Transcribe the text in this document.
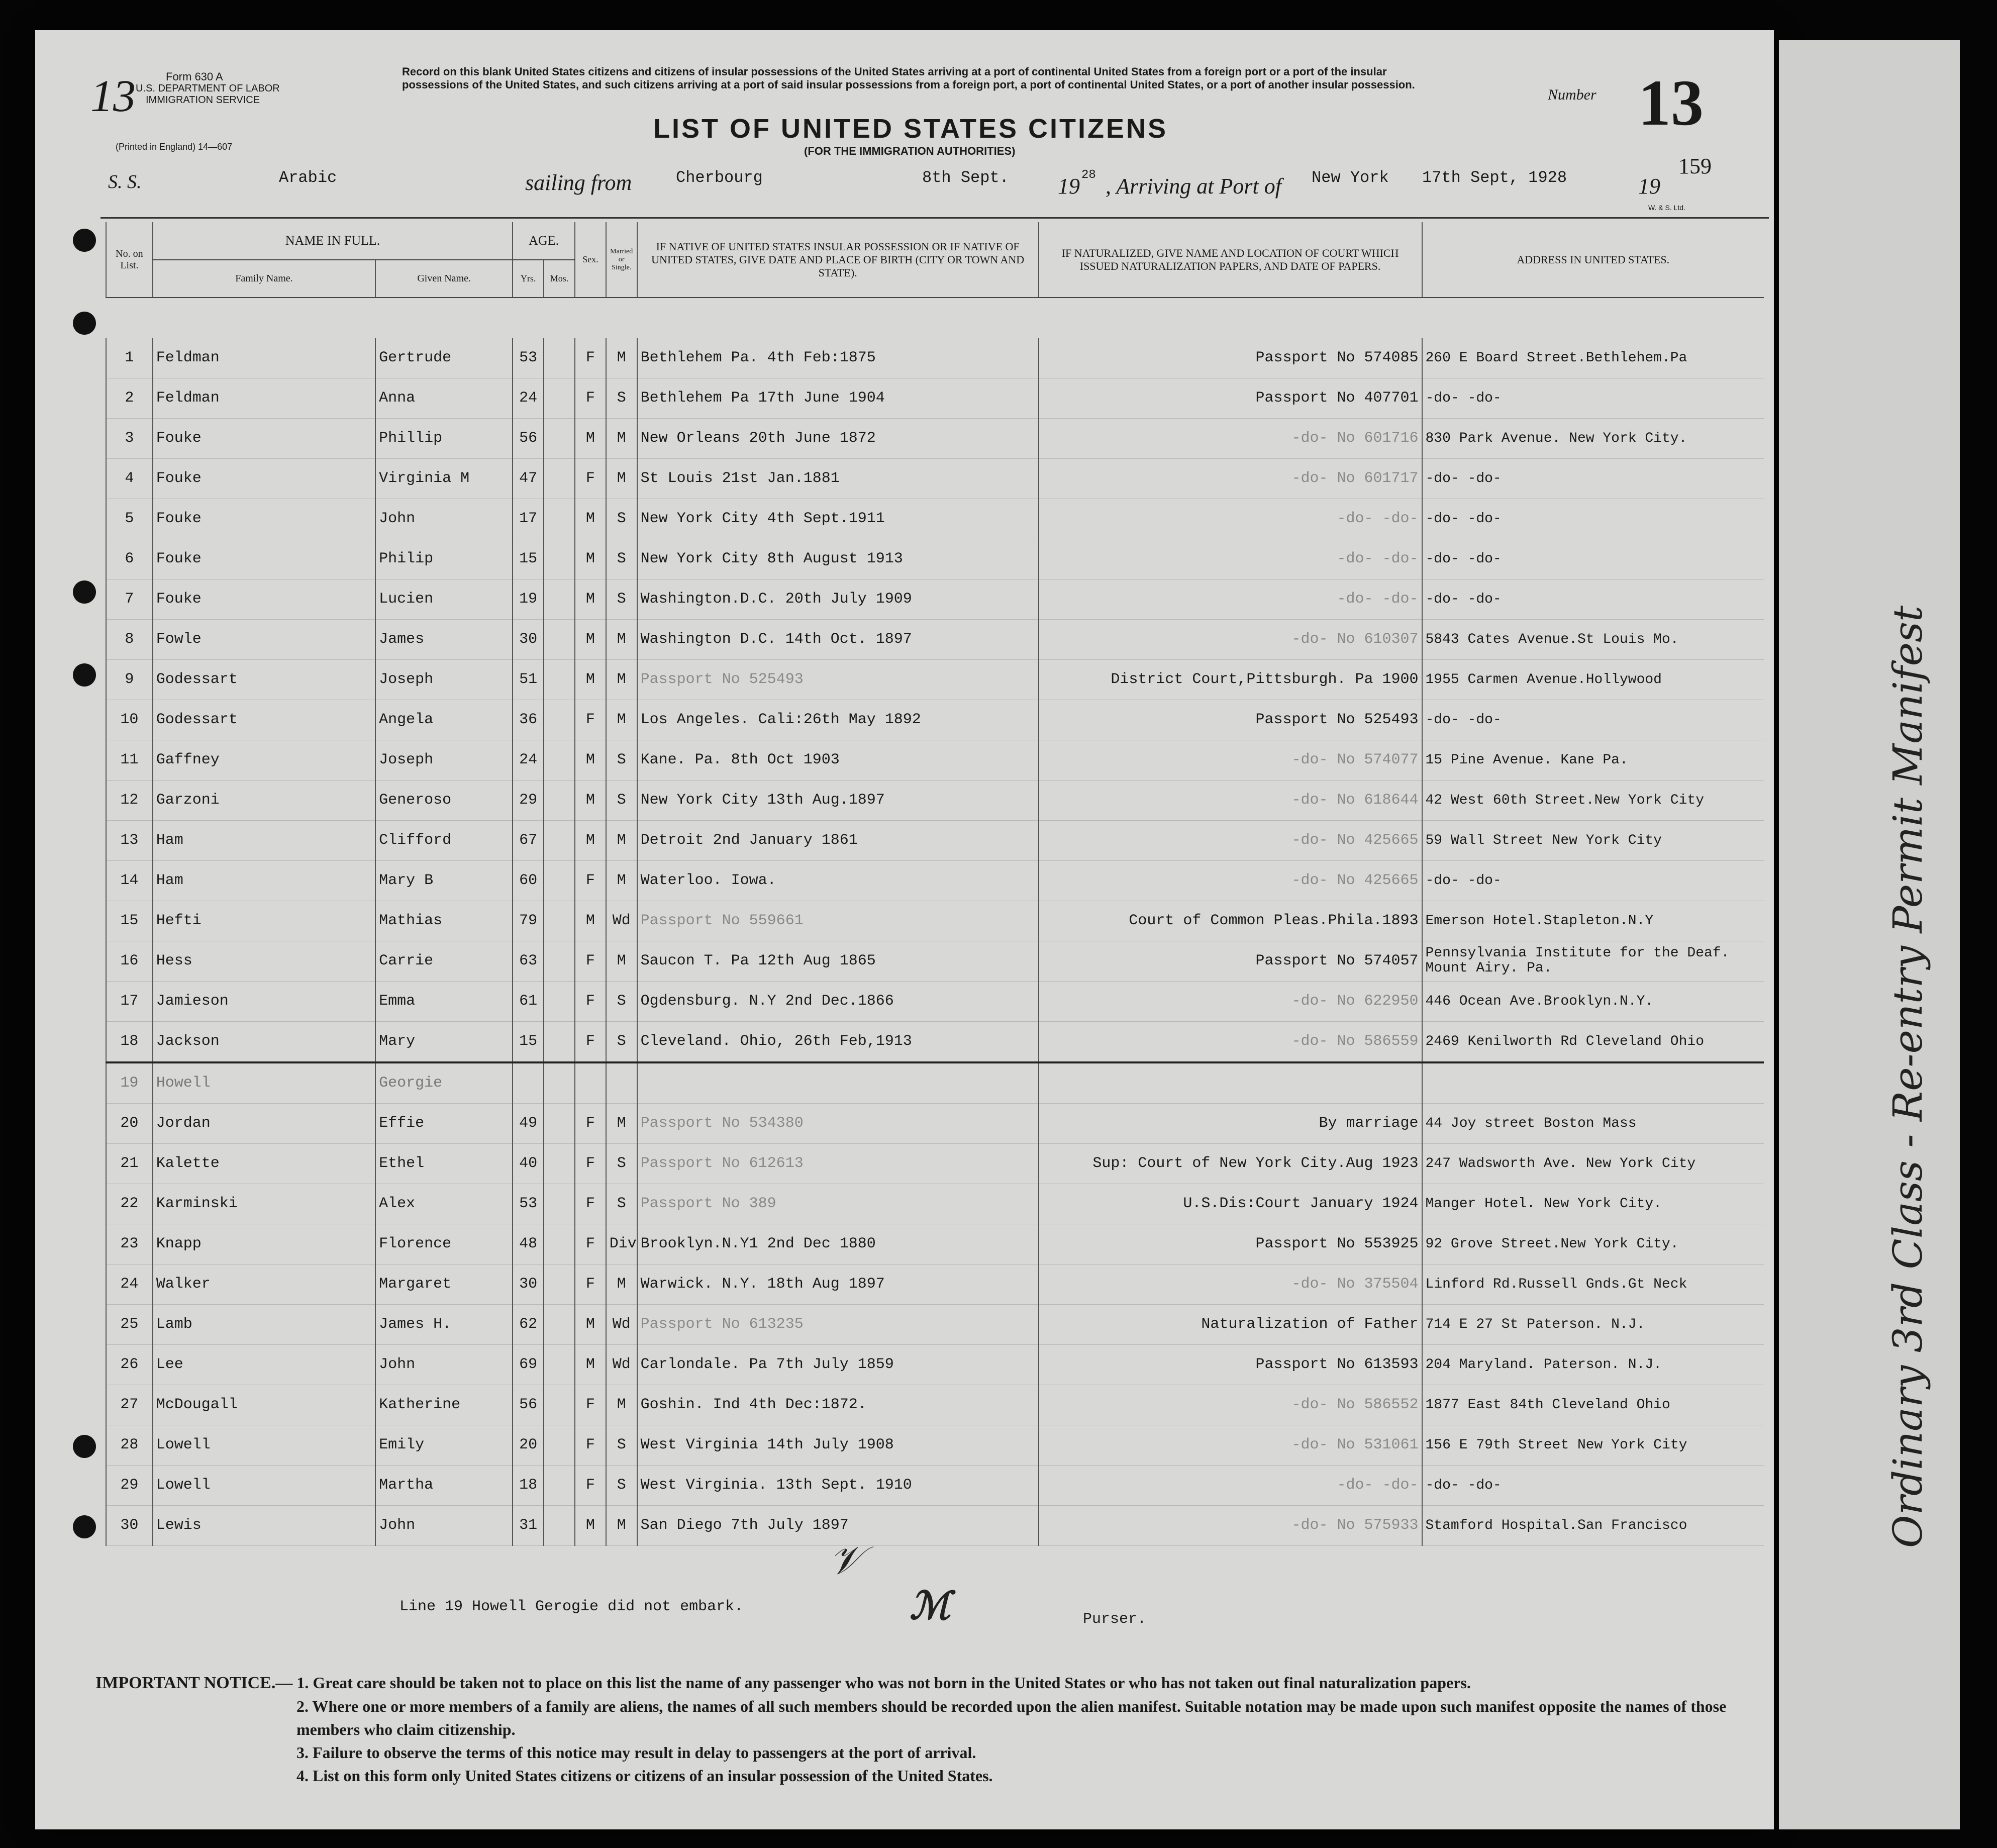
Ordinary 3rd Class - Re-entry Permit Manifest
13	Form 630 A
U.S. DEPARTMENT OF LABOR
IMMIGRATION SERVICE
(Printed in England) 14—607
Record on this blank United States citizens and citizens of insular possessions of the United States arriving at a port of continental United States from a foreign port or a port of the insular possessions of the United States, and such citizens arriving at a port of said insular possessions from a foreign port, a port of continental United States, or a port of another insular possession.
LIST OF UNITED STATES CITIZENS
(FOR THE IMMIGRATION AUTHORITIES)
Number 13
159
S. S.	Arabic	sailing from	Cherbourg	8th Sept. 19 28 , Arriving at Port of New York 17th Sept, 1928	19
W. & S. Ltd.
No. on List.	NAME IN FULL.		AGE.		Sex.	Married or Single.	IF NATIVE OF UNITED STATES INSULAR POSSESSION OR IF NATIVE OF UNITED STATES, GIVE DATE AND PLACE OF BIRTH (CITY OR TOWN AND STATE).	IF NATURALIZED, GIVE NAME AND LOCATION OF COURT WHICH ISSUED NATURALIZATION PAPERS, AND DATE OF PAPERS.	ADDRESS IN UNITED STATES.
	Family Name.	Given Name.	Yrs.	Mos.					

1	Feldman	Gertrude	53		F	M	Bethlehem Pa. 4th Feb:1875	Passport No 574085	260 E Board Street.Bethlehem.Pa
2	Feldman	Anna	24		F	S	Bethlehem Pa 17th June 1904	Passport No 407701	-do- -do-
3	Fouke	Phillip	56		M	M	New Orleans 20th June 1872	-do- No 601716	830 Park Avenue. New York City.
4	Fouke	Virginia M	47		F	M	St Louis 21st Jan.1881	-do- No 601717	-do- -do-
5	Fouke	John	17		M	S	New York City 4th Sept.1911	-do- -do-	-do- -do-
6	Fouke	Philip	15		M	S	New York City 8th August 1913	-do- -do-	-do- -do-
7	Fouke	Lucien	19		M	S	Washington.D.C. 20th July 1909	-do- -do-	-do- -do-
8	Fowle	James	30		M	M	Washington D.C. 14th Oct. 1897	-do- No 610307	5843 Cates Avenue.St Louis Mo.
9	Godessart	Joseph	51		M	M	Passport No 525493	District Court,Pittsburgh. Pa 1900	1955 Carmen Avenue.Hollywood
10	Godessart	Angela	36		F	M	Los Angeles. Cali:26th May 1892	Passport No 525493	-do- -do-
11	Gaffney	Joseph	24		M	S	Kane. Pa. 8th Oct 1903	-do- No 574077	15 Pine Avenue. Kane Pa.
12	Garzoni	Generoso	29		M	S	New York City 13th Aug.1897	-do- No 618644	42 West 60th Street.New York City
13	Ham	Clifford	67		M	M	Detroit 2nd January 1861	-do- No 425665	59 Wall Street New York City
14	Ham	Mary B	60		F	M	Waterloo. Iowa.	-do- No 425665	-do- -do-
15	Hefti	Mathias	79		M	Wd	Passport No 559661	Court of Common Pleas.Phila.1893	Emerson Hotel.Stapleton.N.Y
16	Hess	Carrie	63		F	M	Saucon T. Pa 12th Aug 1865	Passport No 574057	Pennsylvania Institute for the Deaf. Mount Airy. Pa.
17	Jamieson	Emma	61		F	S	Ogdensburg. N.Y 2nd Dec.1866	-do- No 622950	446 Ocean Ave.Brooklyn.N.Y.
18	Jackson	Mary	15		F	S	Cleveland. Ohio, 26th Feb,1913	-do- No 586559	2469 Kenilworth Rd Cleveland Ohio
19	Howell	Georgie							
20	Jordan	Effie	49		F	M	Passport No 534380	By marriage	44 Joy street Boston Mass
21	Kalette	Ethel	40		F	S	Passport No 612613	Sup: Court of New York City.Aug 1923	247 Wadsworth Ave. New York City
22	Karminski	Alex	53		F	S	Passport No 389	U.S.Dis:Court January 1924	Manger Hotel. New York City.
23	Knapp	Florence	48		F	Div	Brooklyn.N.Y1 2nd Dec 1880	Passport No 553925	92 Grove Street.New York City.
24	Walker	Margaret	30		F	M	Warwick. N.Y. 18th Aug 1897	-do- No 375504	Linford Rd.Russell Gnds.Gt Neck
25	Lamb	James H.	62		M	Wd	Passport No 613235	Naturalization of Father	714 E 27 St Paterson. N.J.
26	Lee	John	69		M	Wd	Carlondale. Pa 7th July 1859	Passport No 613593	204 Maryland. Paterson. N.J.
27	McDougall	Katherine	56		F	M	Goshin. Ind 4th Dec:1872.	-do- No 586552	1877 East 84th Cleveland Ohio
28	Lowell	Emily	20		F	S	West Virginia 14th July 1908	-do- No 531061	156 E 79th Street New York City
29	Lowell	Martha	18		F	S	West Virginia. 13th Sept. 1910	-do- -do-	-do- -do-
30	Lewis	John	31		M	M	San Diego 7th July 1897	-do- No 575933	Stamford Hospital.San Francisco
Line 19 Howell Gerogie did not embark.
𝒱
ℳ	Purser.

IMPORTANT NOTICE.— 1. Great care should be taken not to place on this list the name of any passenger who was not born in the United States or who has not taken out final naturalization papers.

2. Where one or more members of a family are aliens, the names of all such members should be recorded upon the alien manifest. Suitable notation may be made upon such manifest opposite the names of those members who claim citizenship.

3. Failure to observe the terms of this notice may result in delay to passengers at the port of arrival.

4. List on this form only United States citizens or citizens of an insular possession of the United States.
